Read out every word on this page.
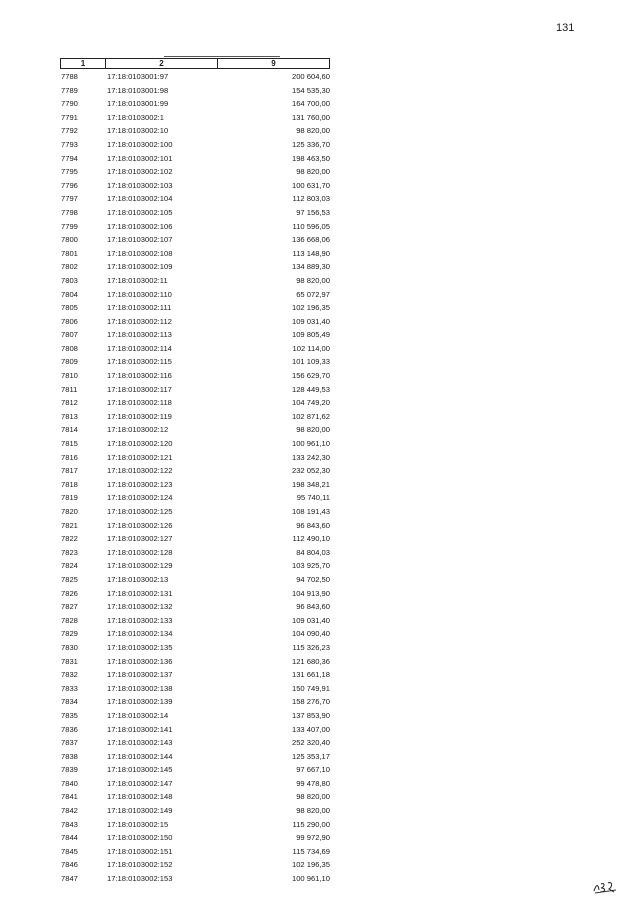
131
1	2	9
7788	17:18:0103001:97	200 604,60
7789	17:18:0103001:98	154 535,30
7790	17:18:0103001:99	164 700,00
7791	17:18:0103002:1	131 760,00
7792	17:18:0103002:10	98 820,00
7793	17:18:0103002:100	125 336,70
7794	17:18:0103002:101	198 463,50
7795	17:18:0103002:102	98 820,00
7796	17:18:0103002:103	100 631,70
7797	17:18:0103002:104	112 803,03
7798	17:18:0103002:105	97 156,53
7799	17:18:0103002:106	110 596,05
7800	17:18:0103002:107	136 668,06
7801	17:18:0103002:108	113 148,90
7802	17:18:0103002:109	134 889,30
7803	17:18:0103002:11	98 820,00
7804	17:18:0103002:110	65 072,97
7805	17:18:0103002:111	102 196,35
7806	17:18:0103002:112	109 031,40
7807	17:18:0103002:113	109 805,49
7808	17:18:0103002:114	102 114,00
7809	17:18:0103002:115	101 109,33
7810	17:18:0103002:116	156 629,70
7811	17:18:0103002:117	128 449,53
7812	17:18:0103002:118	104 749,20
7813	17:18:0103002:119	102 871,62
7814	17:18:0103002:12	98 820,00
7815	17:18:0103002:120	100 961,10
7816	17:18:0103002:121	133 242,30
7817	17:18:0103002:122	232 052,30
7818	17:18:0103002:123	198 348,21
7819	17:18:0103002:124	95 740,11
7820	17:18:0103002:125	108 191,43
7821	17:18:0103002:126	96 843,60
7822	17:18:0103002:127	112 490,10
7823	17:18:0103002:128	84 804,03
7824	17:18:0103002:129	103 925,70
7825	17:18:0103002:13	94 702,50
7826	17:18:0103002:131	104 913,90
7827	17:18:0103002:132	96 843,60
7828	17:18:0103002:133	109 031,40
7829	17:18:0103002:134	104 090,40
7830	17:18:0103002:135	115 326,23
7831	17:18:0103002:136	121 680,36
7832	17:18:0103002:137	131 661,18
7833	17:18:0103002:138	150 749,91
7834	17:18:0103002:139	158 276,70
7835	17:18:0103002:14	137 853,90
7836	17:18:0103002:141	133 407,00
7837	17:18:0103002:143	252 320,40
7838	17:18:0103002:144	125 353,17
7839	17:18:0103002:145	97 667,10
7840	17:18:0103002:147	99 478,80
7841	17:18:0103002:148	98 820,00
7842	17:18:0103002:149	98 820,00
7843	17:18:0103002:15	115 290,00
7844	17:18:0103002:150	99 972,90
7845	17:18:0103002:151	115 734,69
7846	17:18:0103002:152	102 196,35
7847	17:18:0103002:153	100 961,10
